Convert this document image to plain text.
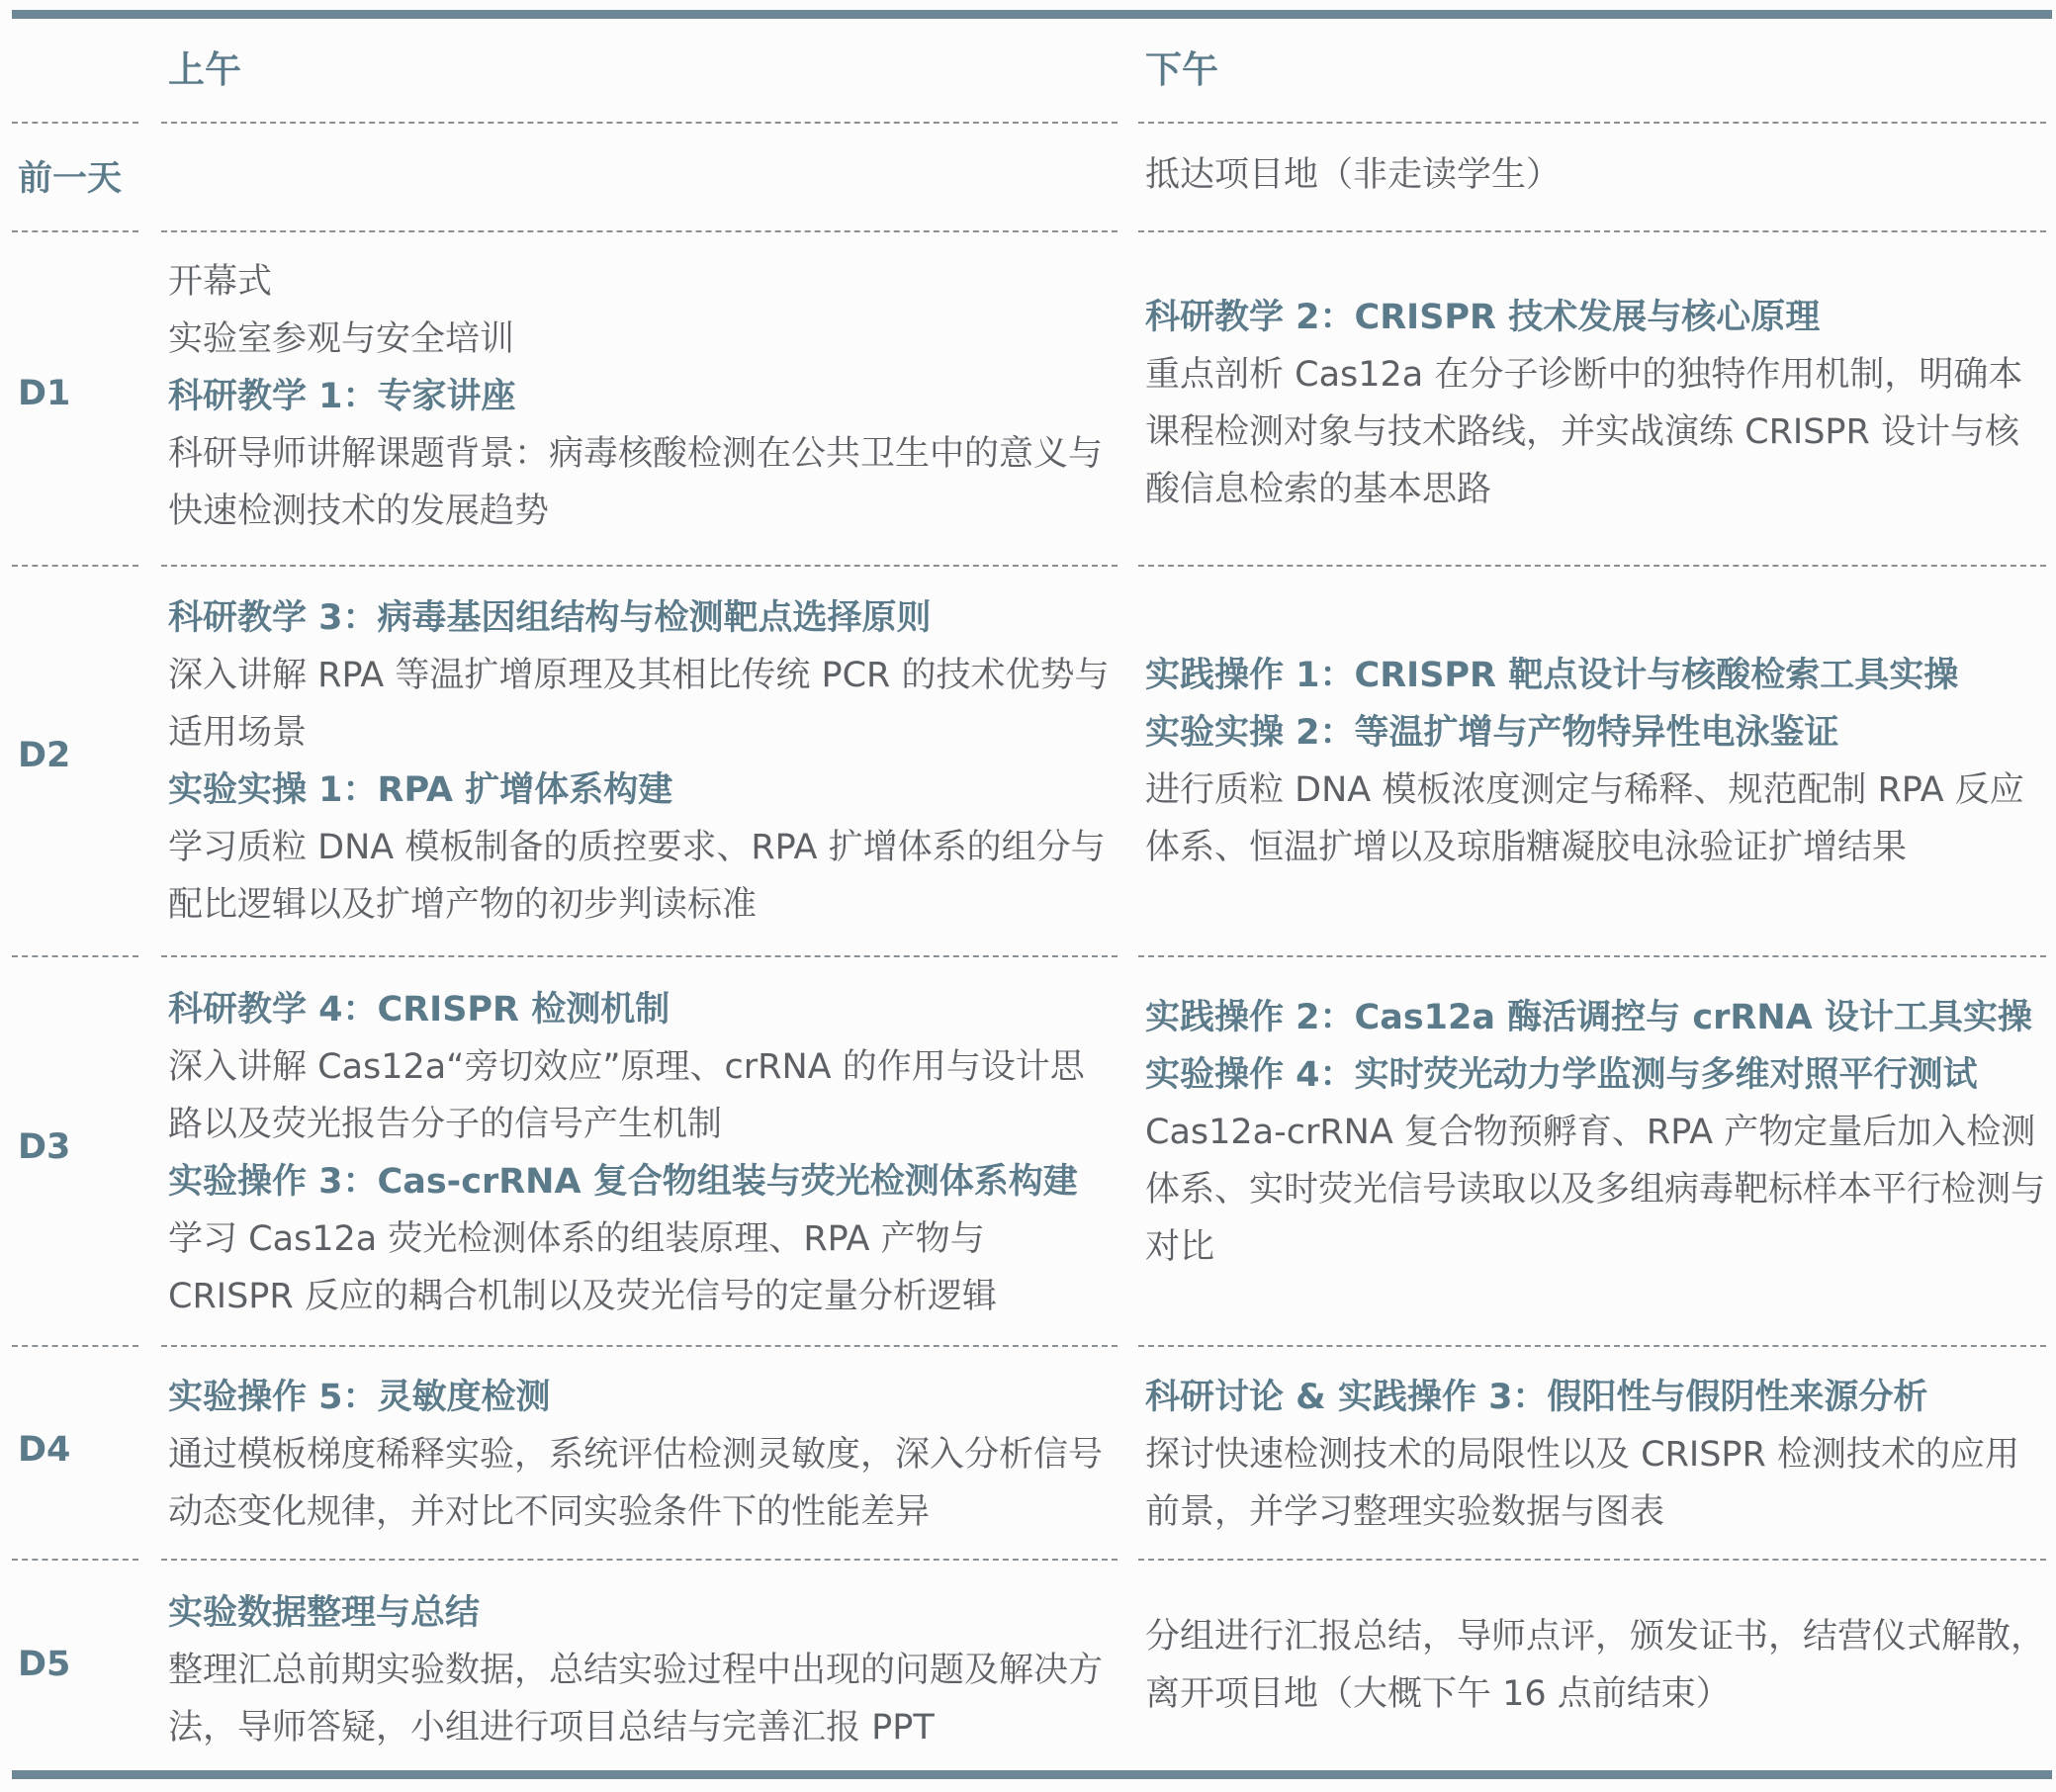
上午	下午
前一天	抵达项目地（非走读学生）
D1
开幕式
实验室参观与安全培训
科研教学 1：专家讲座
科研导师讲解课题背景：病毒核酸检测在公共卫生中的意义与快速检测技术的发展趋势
科研教学 2：CRISPR 技术发展与核心原理
重点剖析 Cas12a 在分子诊断中的独特作用机制，明确本课程检测对象与技术路线，并实战演练 CRISPR 设计与核酸信息检索的基本思路
D2
科研教学 3：病毒基因组结构与检测靶点选择原则
深入讲解 RPA 等温扩增原理及其相比传统 PCR 的技术优势与适用场景
实验实操 1：RPA 扩增体系构建
学习质粒 DNA 模板制备的质控要求、RPA 扩增体系的组分与配比逻辑以及扩增产物的初步判读标准
实践操作 1：CRISPR 靶点设计与核酸检索工具实操
实验实操 2：等温扩增与产物特异性电泳鉴证
进行质粒 DNA 模板浓度测定与稀释、规范配制 RPA 反应体系、恒温扩增以及琼脂糖凝胶电泳验证扩增结果
D3
科研教学 4：CRISPR 检测机制
深入讲解 Cas12a“旁切效应”原理、crRNA 的作用与设计思路以及荧光报告分子的信号产生机制
实验操作 3：Cas-crRNA 复合物组装与荧光检测体系构建
学习 Cas12a 荧光检测体系的组装原理、RPA 产物与 CRISPR 反应的耦合机制以及荧光信号的定量分析逻辑
实践操作 2：Cas12a 酶活调控与 crRNA 设计工具实操
实验操作 4：实时荧光动力学监测与多维对照平行测试
Cas12a-crRNA 复合物预孵育、RPA 产物定量后加入检测体系、实时荧光信号读取以及多组病毒靶标样本平行检测与对比
D4
实验操作 5：灵敏度检测
通过模板梯度稀释实验，系统评估检测灵敏度，深入分析信号动态变化规律，并对比不同实验条件下的性能差异
科研讨论 & 实践操作 3：假阳性与假阴性来源分析
探讨快速检测技术的局限性以及 CRISPR 检测技术的应用前景，并学习整理实验数据与图表
D5
实验数据整理与总结
整理汇总前期实验数据，总结实验过程中出现的问题及解决方法，导师答疑，小组进行项目总结与完善汇报 PPT
分组进行汇报总结，导师点评，颁发证书，结营仪式解散，离开项目地（大概下午 16 点前结束）
